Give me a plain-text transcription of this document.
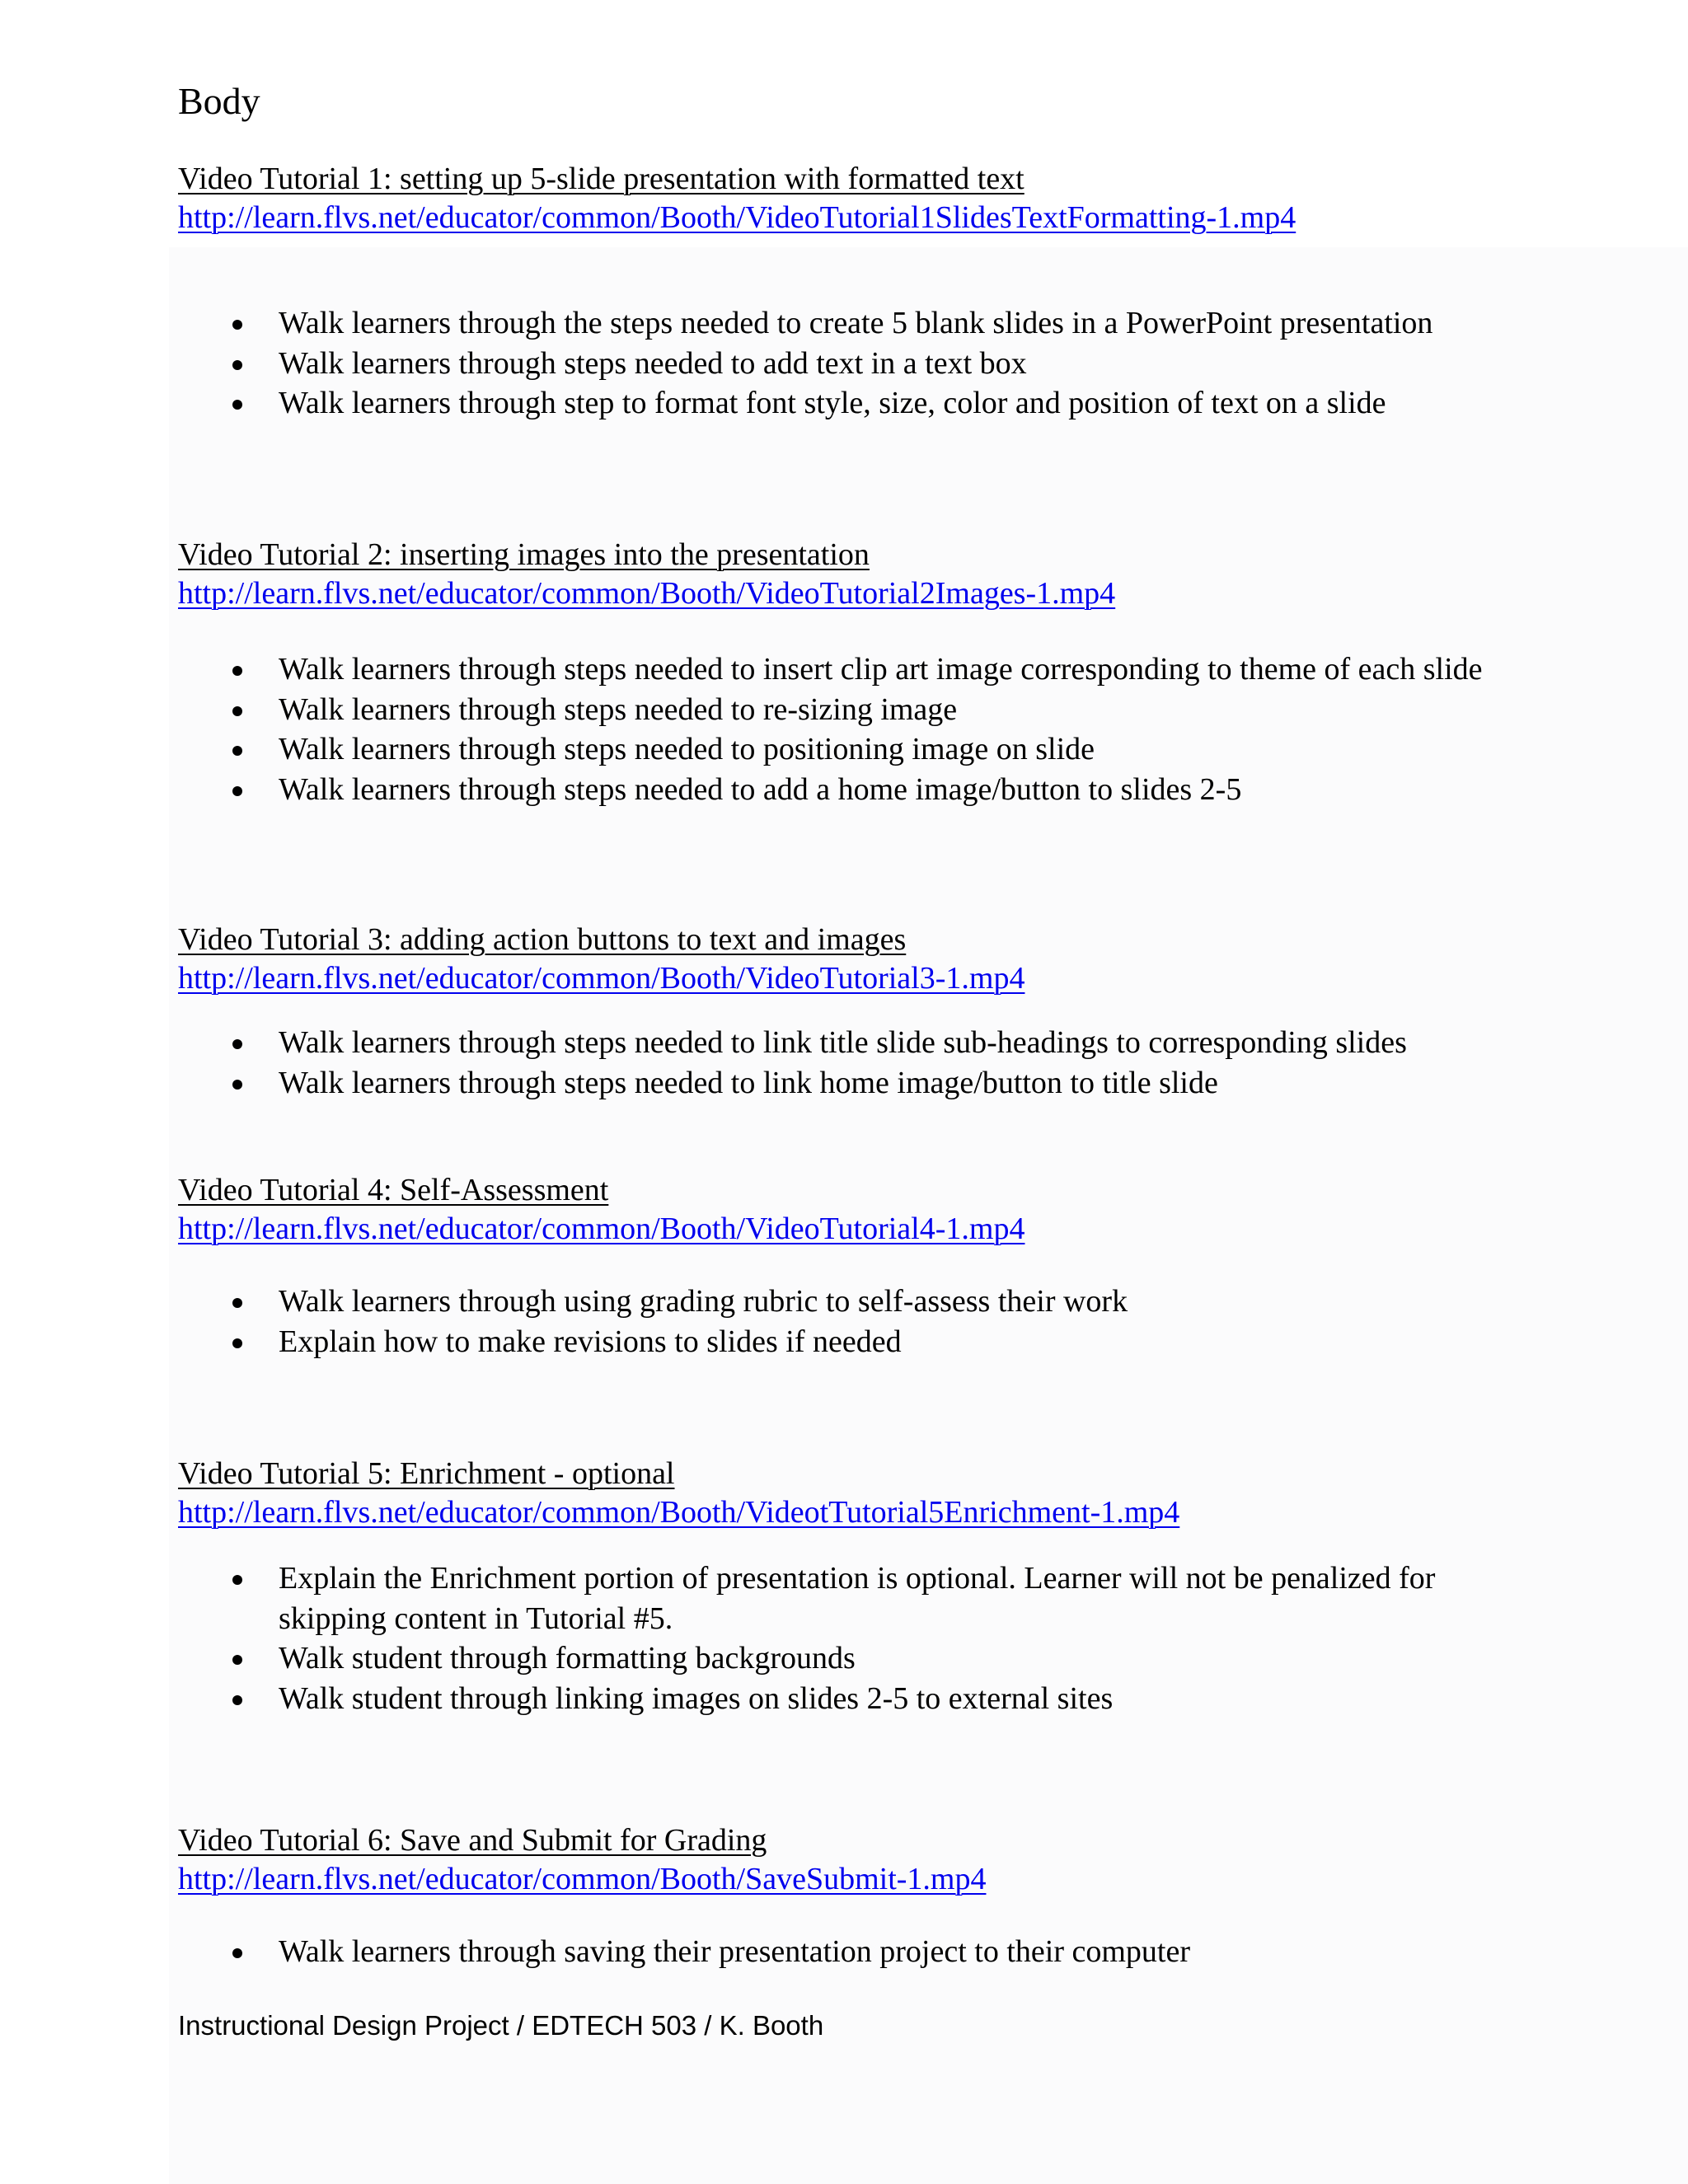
Body

Video Tutorial 1: setting up 5-slide presentation with formatted text

http://learn.flvs.net/educator/common/Booth/VideoTutorial1SlidesTextFormatting-1.mp4
Walk learners through the steps needed to create 5 blank slides in a PowerPoint presentation
Walk learners through steps needed to add text in a text box
Walk learners through step to format font style, size, color and position of text on a slide

Video Tutorial 2: inserting images into the presentation

http://learn.flvs.net/educator/common/Booth/VideoTutorial2Images-1.mp4
Walk learners through steps needed to insert clip art image corresponding to theme of each slide
Walk learners through steps needed to re-sizing image
Walk learners through steps needed to positioning image on slide
Walk learners through steps needed to add a home image/button to slides 2-5

Video Tutorial 3: adding action buttons to text and images

http://learn.flvs.net/educator/common/Booth/VideoTutorial3-1.mp4
Walk learners through steps needed to link title slide sub-headings to corresponding slides
Walk learners through steps needed to link home image/button to title slide

Video Tutorial 4: Self-Assessment

http://learn.flvs.net/educator/common/Booth/VideoTutorial4-1.mp4
Walk learners through using grading rubric to self-assess their work
Explain how to make revisions to slides if needed

Video Tutorial 5: Enrichment - optional

http://learn.flvs.net/educator/common/Booth/VideotTutorial5Enrichment-1.mp4
Explain the Enrichment portion of presentation is optional. Learner will not be penalized for skipping content in Tutorial #5.
Walk student through formatting backgrounds
Walk student through linking images on slides 2-5 to external sites

Video Tutorial 6: Save and Submit for Grading

http://learn.flvs.net/educator/common/Booth/SaveSubmit-1.mp4
Walk learners through saving their presentation project to their computer
Instructional Design Project / EDTECH 503 / K. Booth
